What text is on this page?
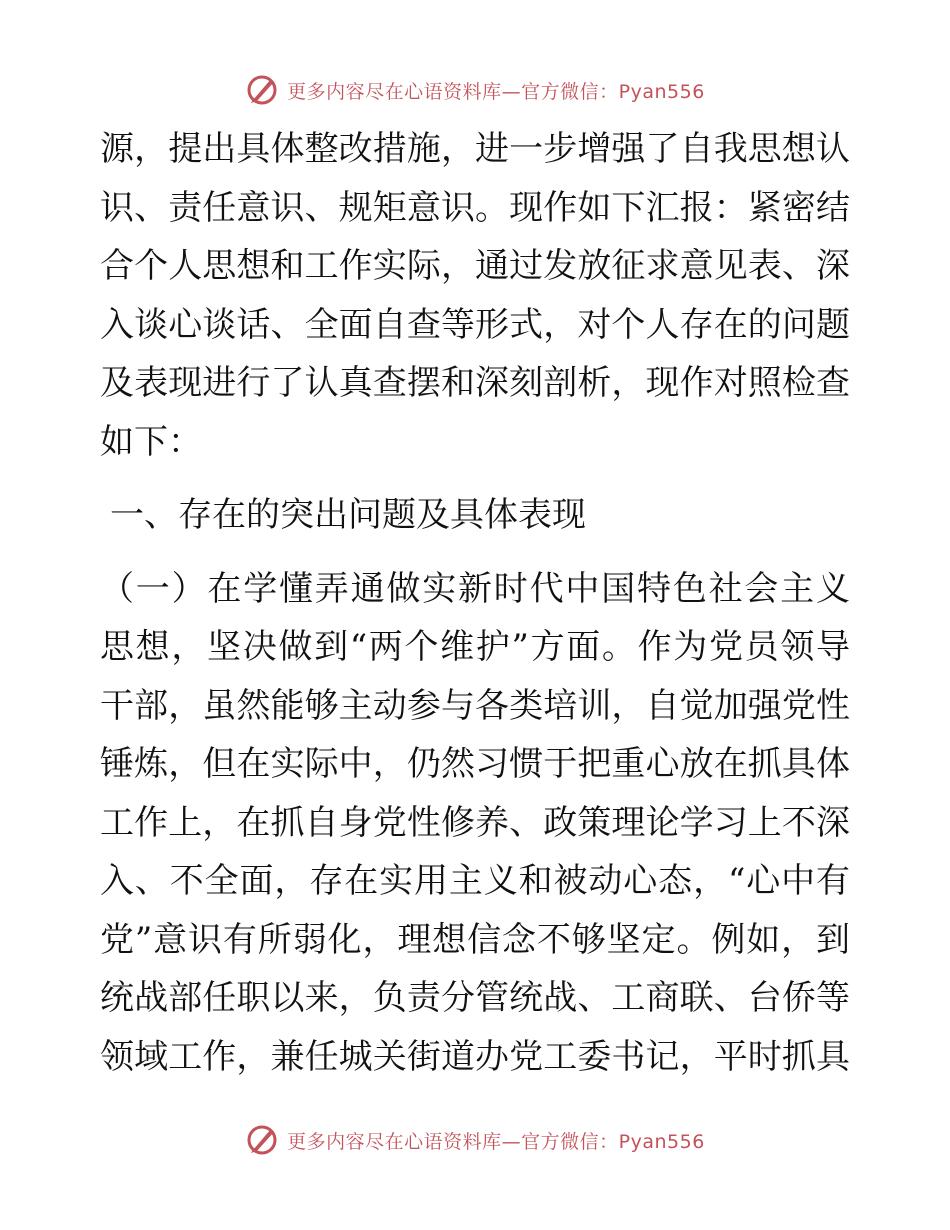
更多内容尽在心语资料库—官方微信：Pyan556
源，提出具体整改措施，进一步增强了自我思想认
识、责任意识、规矩意识。现作如下汇报：紧密结
合个人思想和工作实际，通过发放征求意见表、深
入谈心谈话、全面自查等形式，对个人存在的问题
及表现进行了认真查摆和深刻剖析，现作对照检查
如下：
一、存在的突出问题及具体表现
（一）在学懂弄通做实新时代中国特色社会主义
思想，坚决做到“两个维护”方面。作为党员领导
干部，虽然能够主动参与各类培训，自觉加强党性
锤炼，但在实际中，仍然习惯于把重心放在抓具体
工作上，在抓自身党性修养、政策理论学习上不深
入、不全面，存在实用主义和被动心态，“心中有
党”意识有所弱化，理想信念不够坚定。例如，到
统战部任职以来，负责分管统战、工商联、台侨等
领域工作，兼任城关街道办党工委书记，平时抓具
更多内容尽在心语资料库—官方微信：Pyan556
